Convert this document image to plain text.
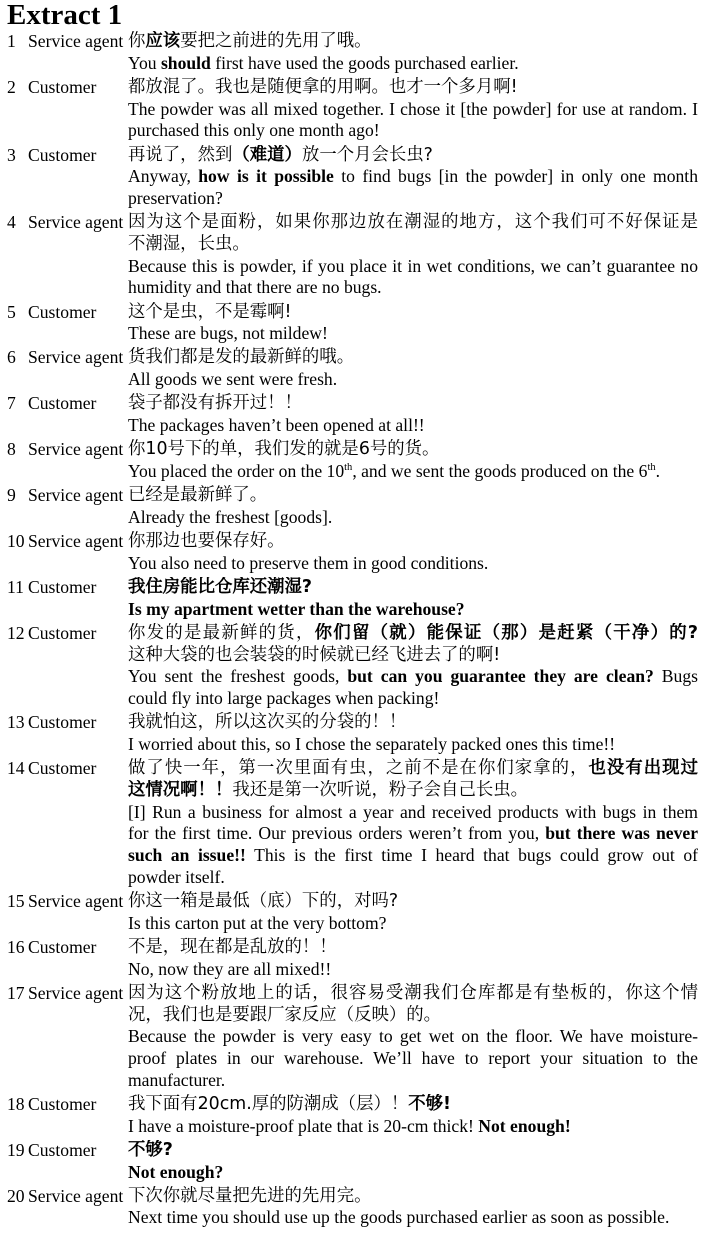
Extract 1
1 Service agent 你应该要把之前进的先用了哦。
You should first have used the goods purchased earlier.
2 Customer 都放混了。我也是随便拿的用啊。也才一个多月啊!
The powder was all mixed together. I chose it [the powder] for use at random. I
purchased this only one month ago!
3 Customer 再说了，然到（难道）放一个月会长虫?
Anyway, how is it possible to find bugs [in the powder] in only one month
preservation?
4 Service agent 因为这个是面粉，如果你那边放在潮湿的地方，这个我们可不好保证是
不潮湿，长虫。
Because this is powder, if you place it in wet conditions, we can’t guarantee no
humidity and that there are no bugs.
5 Customer 这个是虫，不是霉啊!
These are bugs, not mildew!
6 Service agent 货我们都是发的最新鲜的哦。
All goods we sent were fresh.
7 Customer 袋子都没有拆开过！！
The packages haven’t been opened at all!!
8 Service agent 你10号下的单，我们发的就是6号的货。
You placed the order on the 10th, and we sent the goods produced on the 6th.
9 Service agent 已经是最新鲜了。
Already the freshest [goods].
10 Service agent 你那边也要保存好。
You also need to preserve them in good conditions.
11 Customer 我住房能比仓库还潮湿?
Is my apartment wetter than the warehouse?
12 Customer 你发的是最新鲜的货，你们留（就）能保证（那）是赶紧（干净）的?
这种大袋的也会装袋的时候就已经飞进去了的啊!
You sent the freshest goods, but can you guarantee they are clean? Bugs
could fly into large packages when packing!
13 Customer 我就怕这，所以这次买的分袋的！！
I worried about this, so I chose the separately packed ones this time!!
14 Customer 做了快一年，第一次里面有虫，之前不是在你们家拿的，也没有出现过
这情况啊！！我还是第一次听说，粉子会自己长虫。
[I] Run a business for almost a year and received products with bugs in them
for the first time. Our previous orders weren’t from you, but there was never
such an issue!! This is the first time I heard that bugs could grow out of
powder itself.
15 Service agent 你这一箱是最低（底）下的，对吗?
Is this carton put at the very bottom?
16 Customer 不是，现在都是乱放的！！
No, now they are all mixed!!
17 Service agent 因为这个粉放地上的话，很容易受潮我们仓库都是有垫板的，你这个情
况，我们也是要跟厂家反应（反映）的。
Because the powder is very easy to get wet on the floor. We have moisture-
proof plates in our warehouse. We’ll have to report your situation to the
manufacturer.
18 Customer 我下面有20cm.厚的防潮成（层）！不够!
I have a moisture-proof plate that is 20-cm thick! Not enough!
19 Customer 不够?
Not enough?
20 Service agent 下次你就尽量把先进的先用完。
Next time you should use up the goods purchased earlier as soon as possible.
